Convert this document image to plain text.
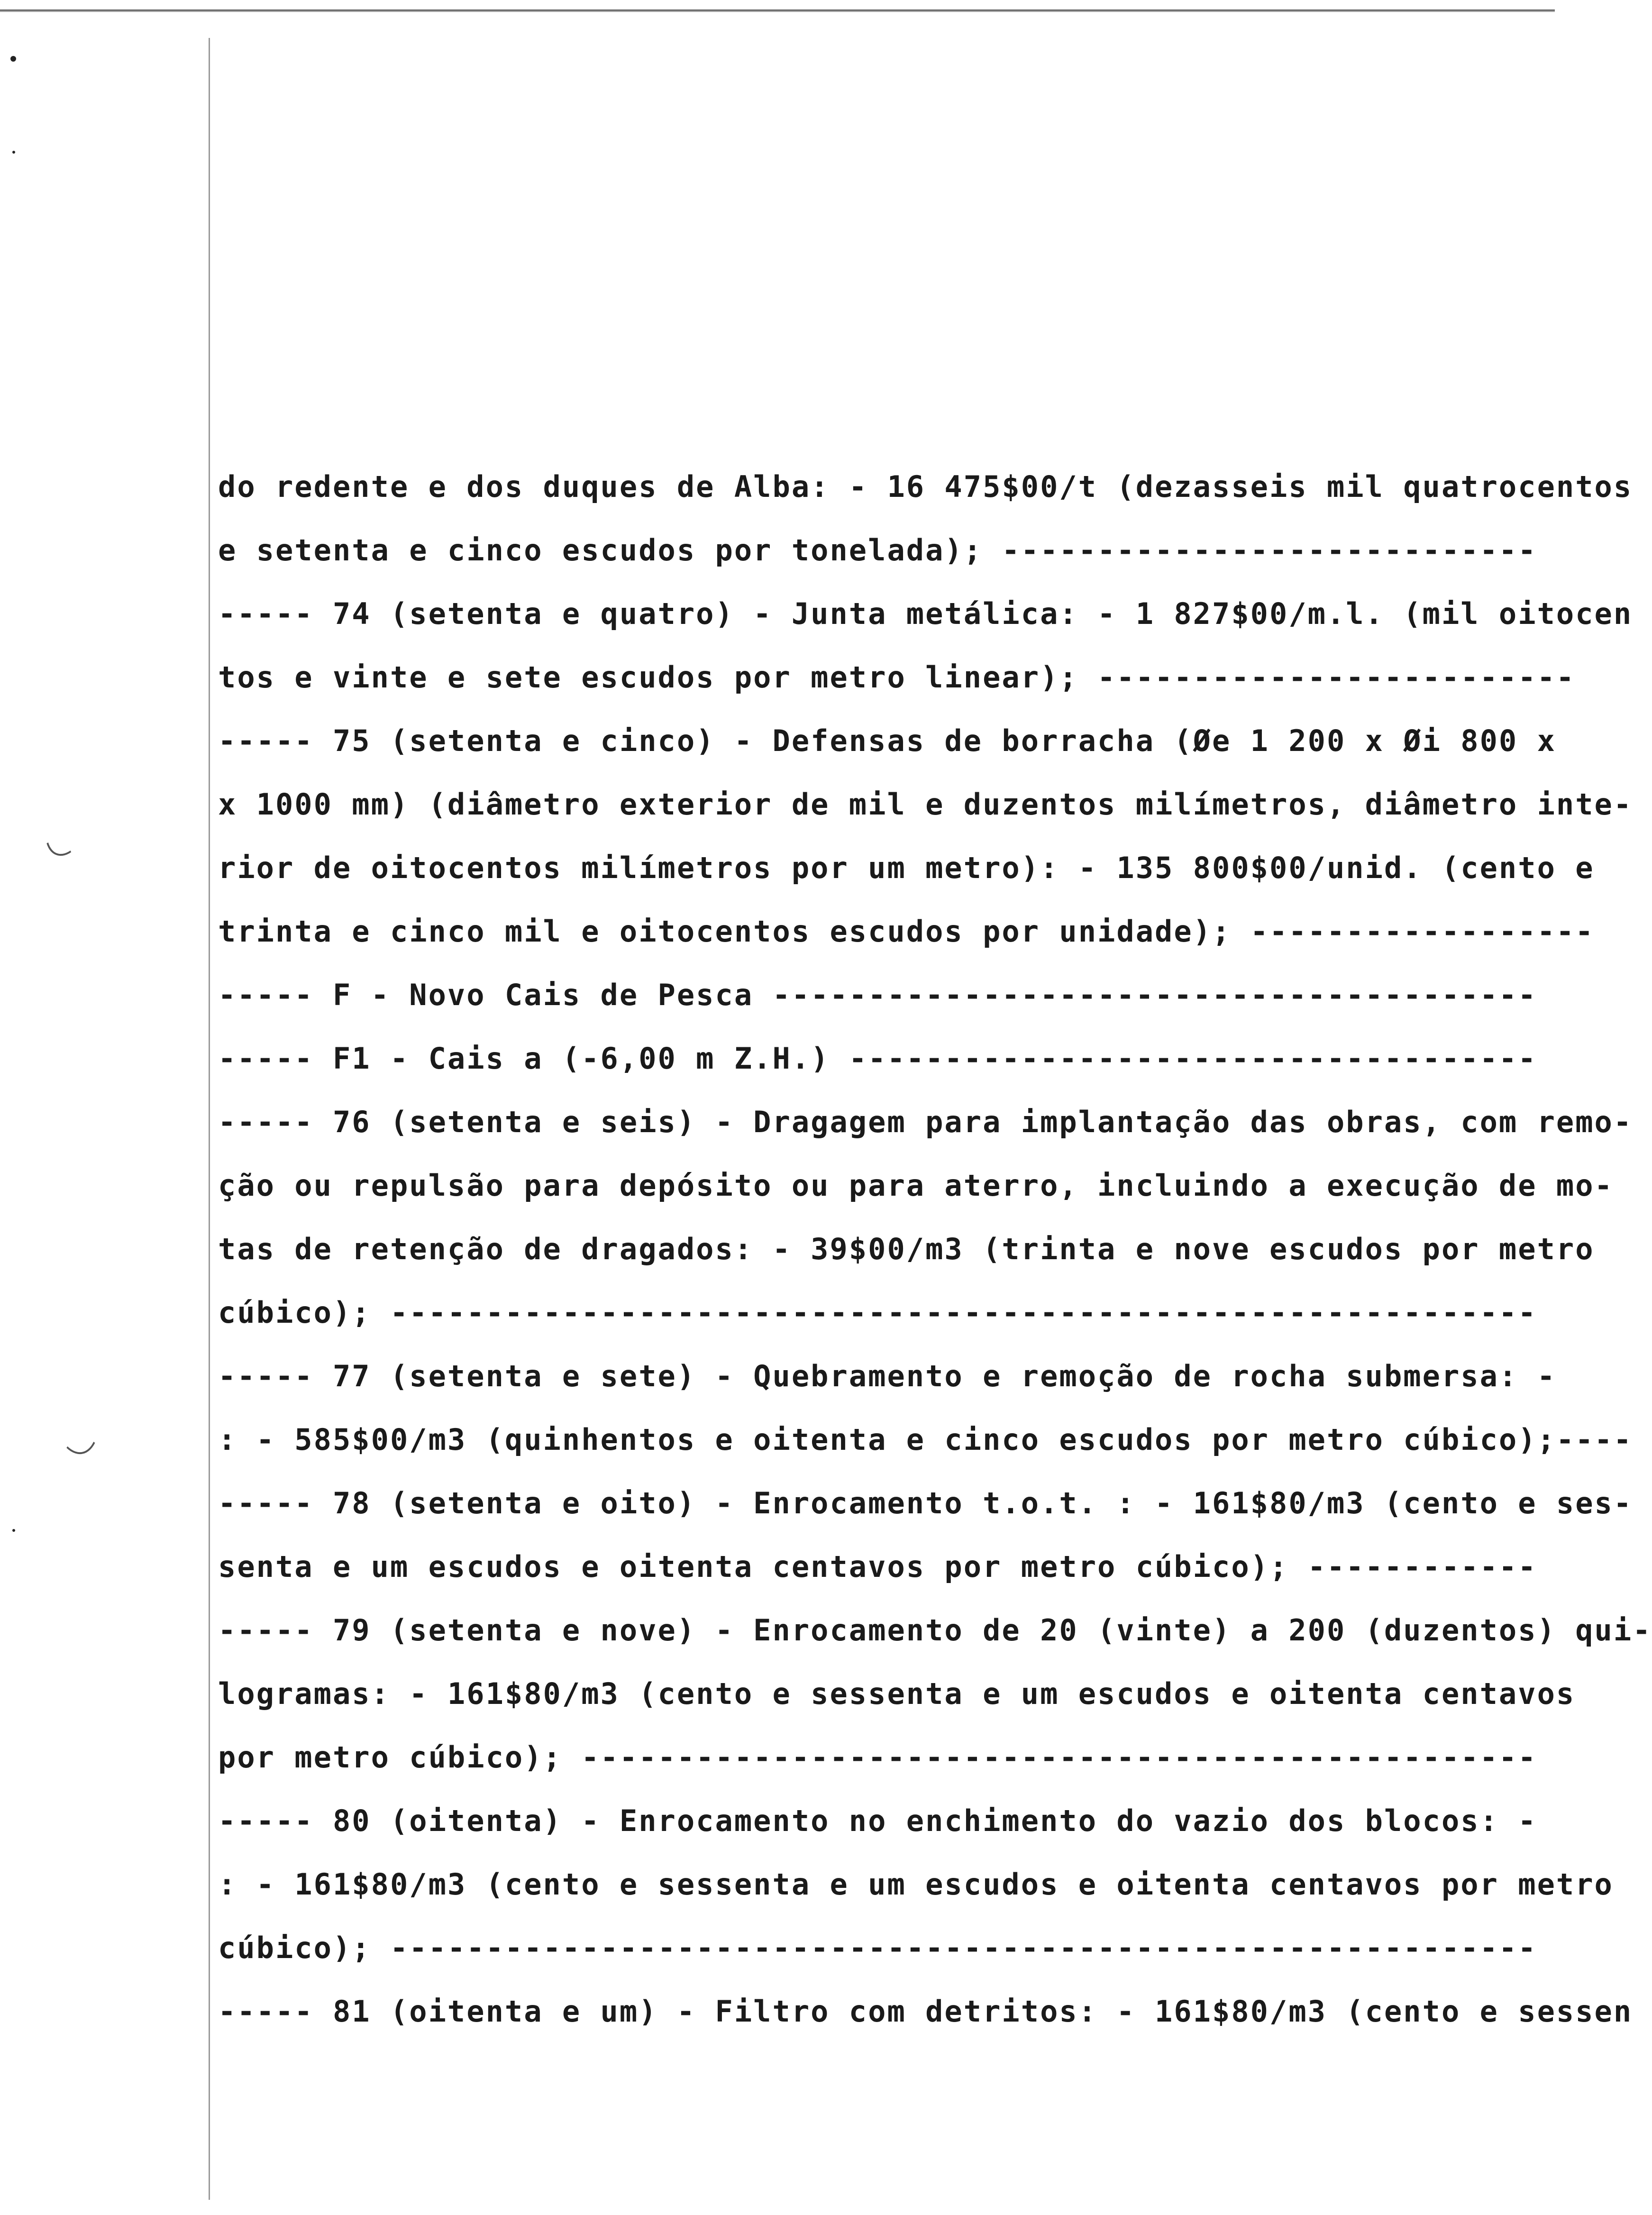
do redente e dos duques de Alba: - 16 475$00/t (dezasseis mil quatrocentos
e setenta e cinco escudos por tonelada); ----------------------------
----- 74 (setenta e quatro) - Junta metálica: - 1 827$00/m.l. (mil oitocen
tos e vinte e sete escudos por metro linear); -------------------------
----- 75 (setenta e cinco) - Defensas de borracha (Øe 1 200 x Øi 800 x
x 1000 mm) (diâmetro exterior de mil e duzentos milímetros, diâmetro inte-
rior de oitocentos milímetros por um metro): - 135 800$00/unid. (cento e
trinta e cinco mil e oitocentos escudos por unidade); ------------------
----- F - Novo Cais de Pesca ----------------------------------------
----- F1 - Cais a (-6,00 m Z.H.) ------------------------------------
----- 76 (setenta e seis) - Dragagem para implantação das obras, com remo-
ção ou repulsão para depósito ou para aterro, incluindo a execução de mo-
tas de retenção de dragados: - 39$00/m3 (trinta e nove escudos por metro
cúbico); ------------------------------------------------------------
----- 77 (setenta e sete) - Quebramento e remoção de rocha submersa: -
: - 585$00/m3 (quinhentos e oitenta e cinco escudos por metro cúbico);----
----- 78 (setenta e oito) - Enrocamento t.o.t. : - 161$80/m3 (cento e ses-
senta e um escudos e oitenta centavos por metro cúbico); ------------
----- 79 (setenta e nove) - Enrocamento de 20 (vinte) a 200 (duzentos) qui-
logramas: - 161$80/m3 (cento e sessenta e um escudos e oitenta centavos
por metro cúbico); --------------------------------------------------
----- 80 (oitenta) - Enrocamento no enchimento do vazio dos blocos: -
: - 161$80/m3 (cento e sessenta e um escudos e oitenta centavos por metro
cúbico); ------------------------------------------------------------
----- 81 (oitenta e um) - Filtro com detritos: - 161$80/m3 (cento e sessen
